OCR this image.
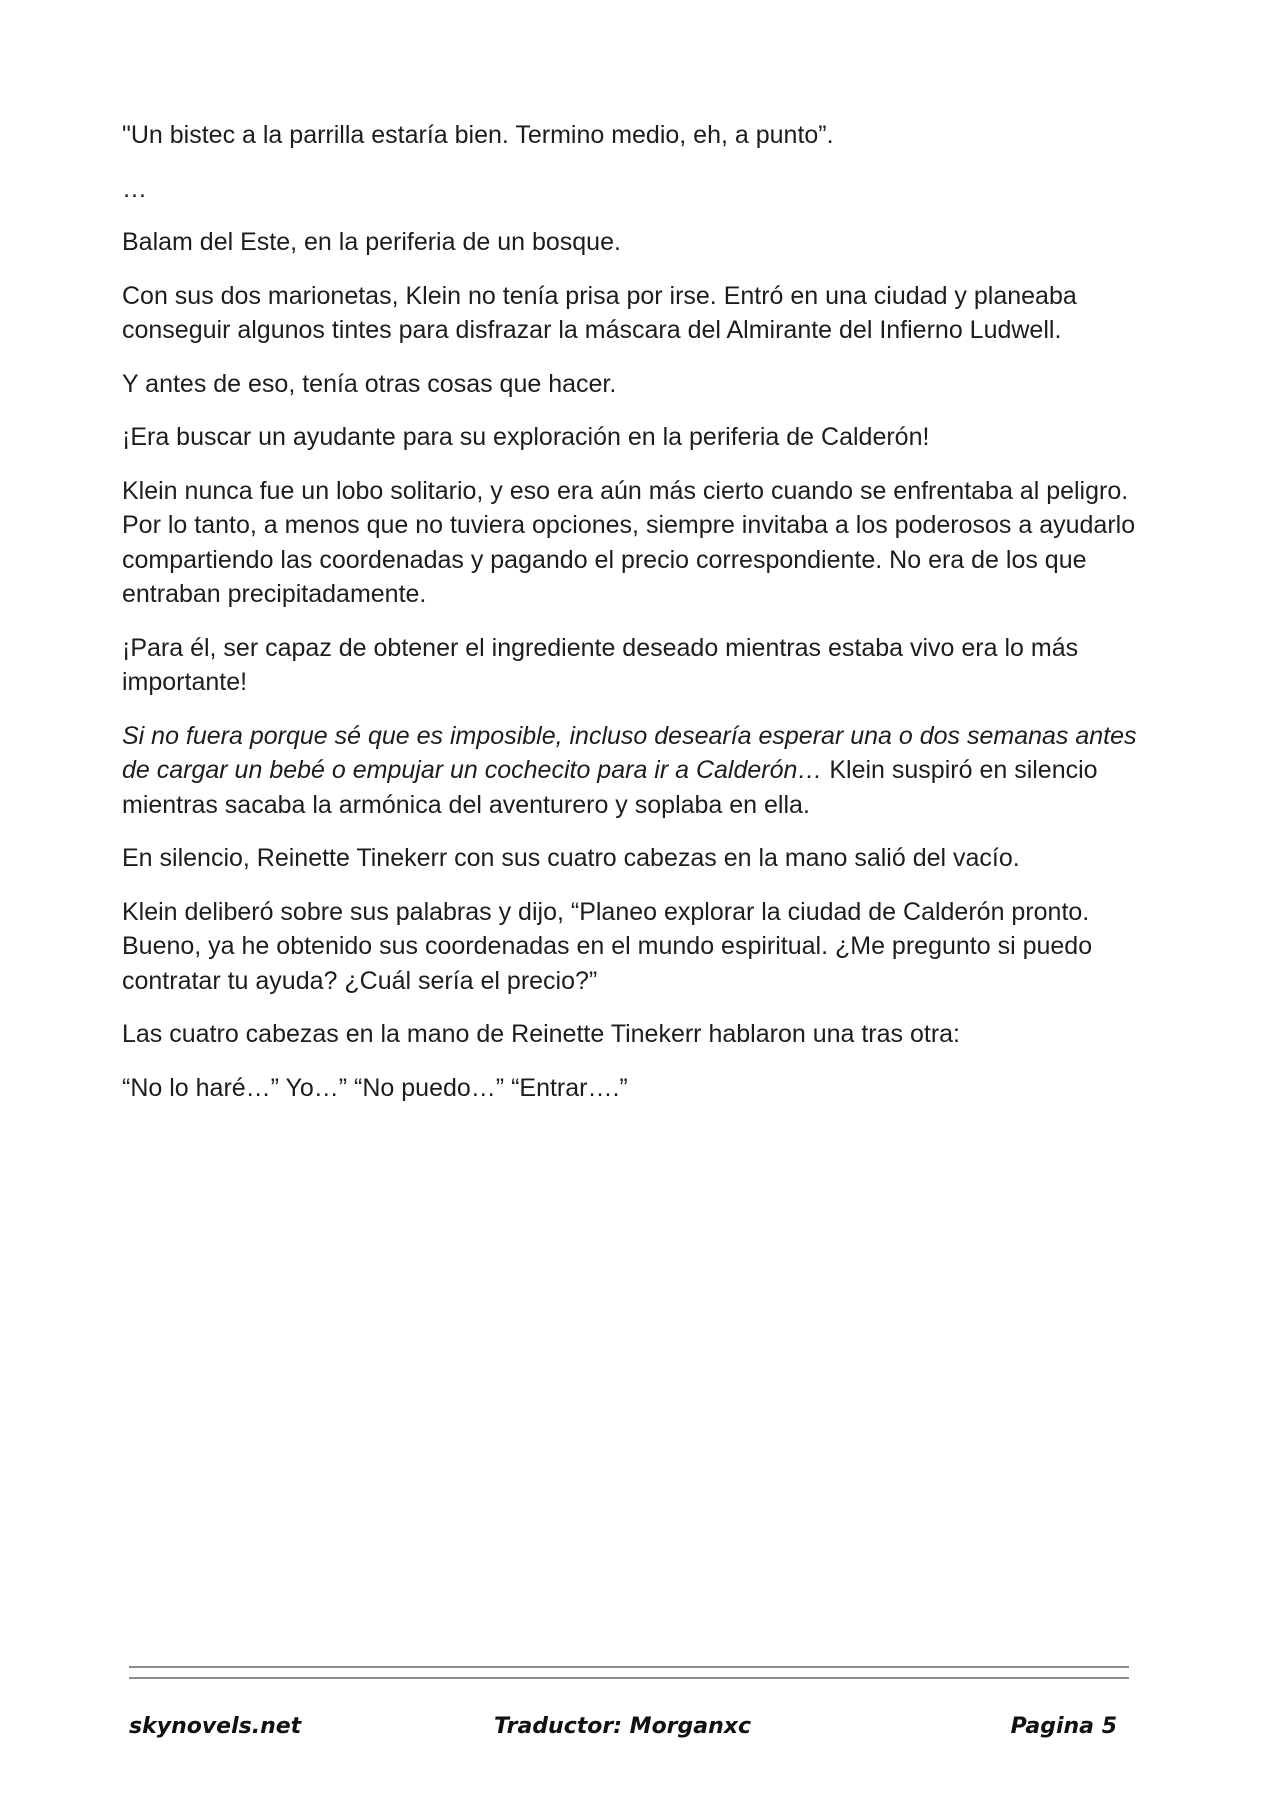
"Un bistec a la parrilla estaría bien. Termino medio, eh, a punto”.

…

Balam del Este, en la periferia de un bosque.

Con sus dos marionetas, Klein no tenía prisa por irse. Entró en una ciudad y planeaba conseguir algunos tintes para disfrazar la máscara del Almirante del Infierno Ludwell.

Y antes de eso, tenía otras cosas que hacer.

¡Era buscar un ayudante para su exploración en la periferia de Calderón!

Klein nunca fue un lobo solitario, y eso era aún más cierto cuando se enfrentaba al peligro. Por lo tanto, a menos que no tuviera opciones, siempre invitaba a los poderosos a ayudarlo compartiendo las coordenadas y pagando el precio correspondiente. No era de los que entraban precipitadamente.

¡Para él, ser capaz de obtener el ingrediente deseado mientras estaba vivo era lo más importante!

Si no fuera porque sé que es imposible, incluso desearía esperar una o dos semanas antes de cargar un bebé o empujar un cochecito para ir a Calderón… Klein suspiró en silencio mientras sacaba la armónica del aventurero y soplaba en ella.

En silencio, Reinette Tinekerr con sus cuatro cabezas en la mano salió del vacío.

Klein deliberó sobre sus palabras y dijo, “Planeo explorar la ciudad de Calderón pronto. Bueno, ya he obtenido sus coordenadas en el mundo espiritual. ¿Me pregunto si puedo contratar tu ayuda? ¿Cuál sería el precio?”

Las cuatro cabezas en la mano de Reinette Tinekerr hablaron una tras otra:

“No lo haré…” Yo…” “No puedo…” “Entrar….”

skynovels.net	Traductor: Morganxc	Pagina 5
